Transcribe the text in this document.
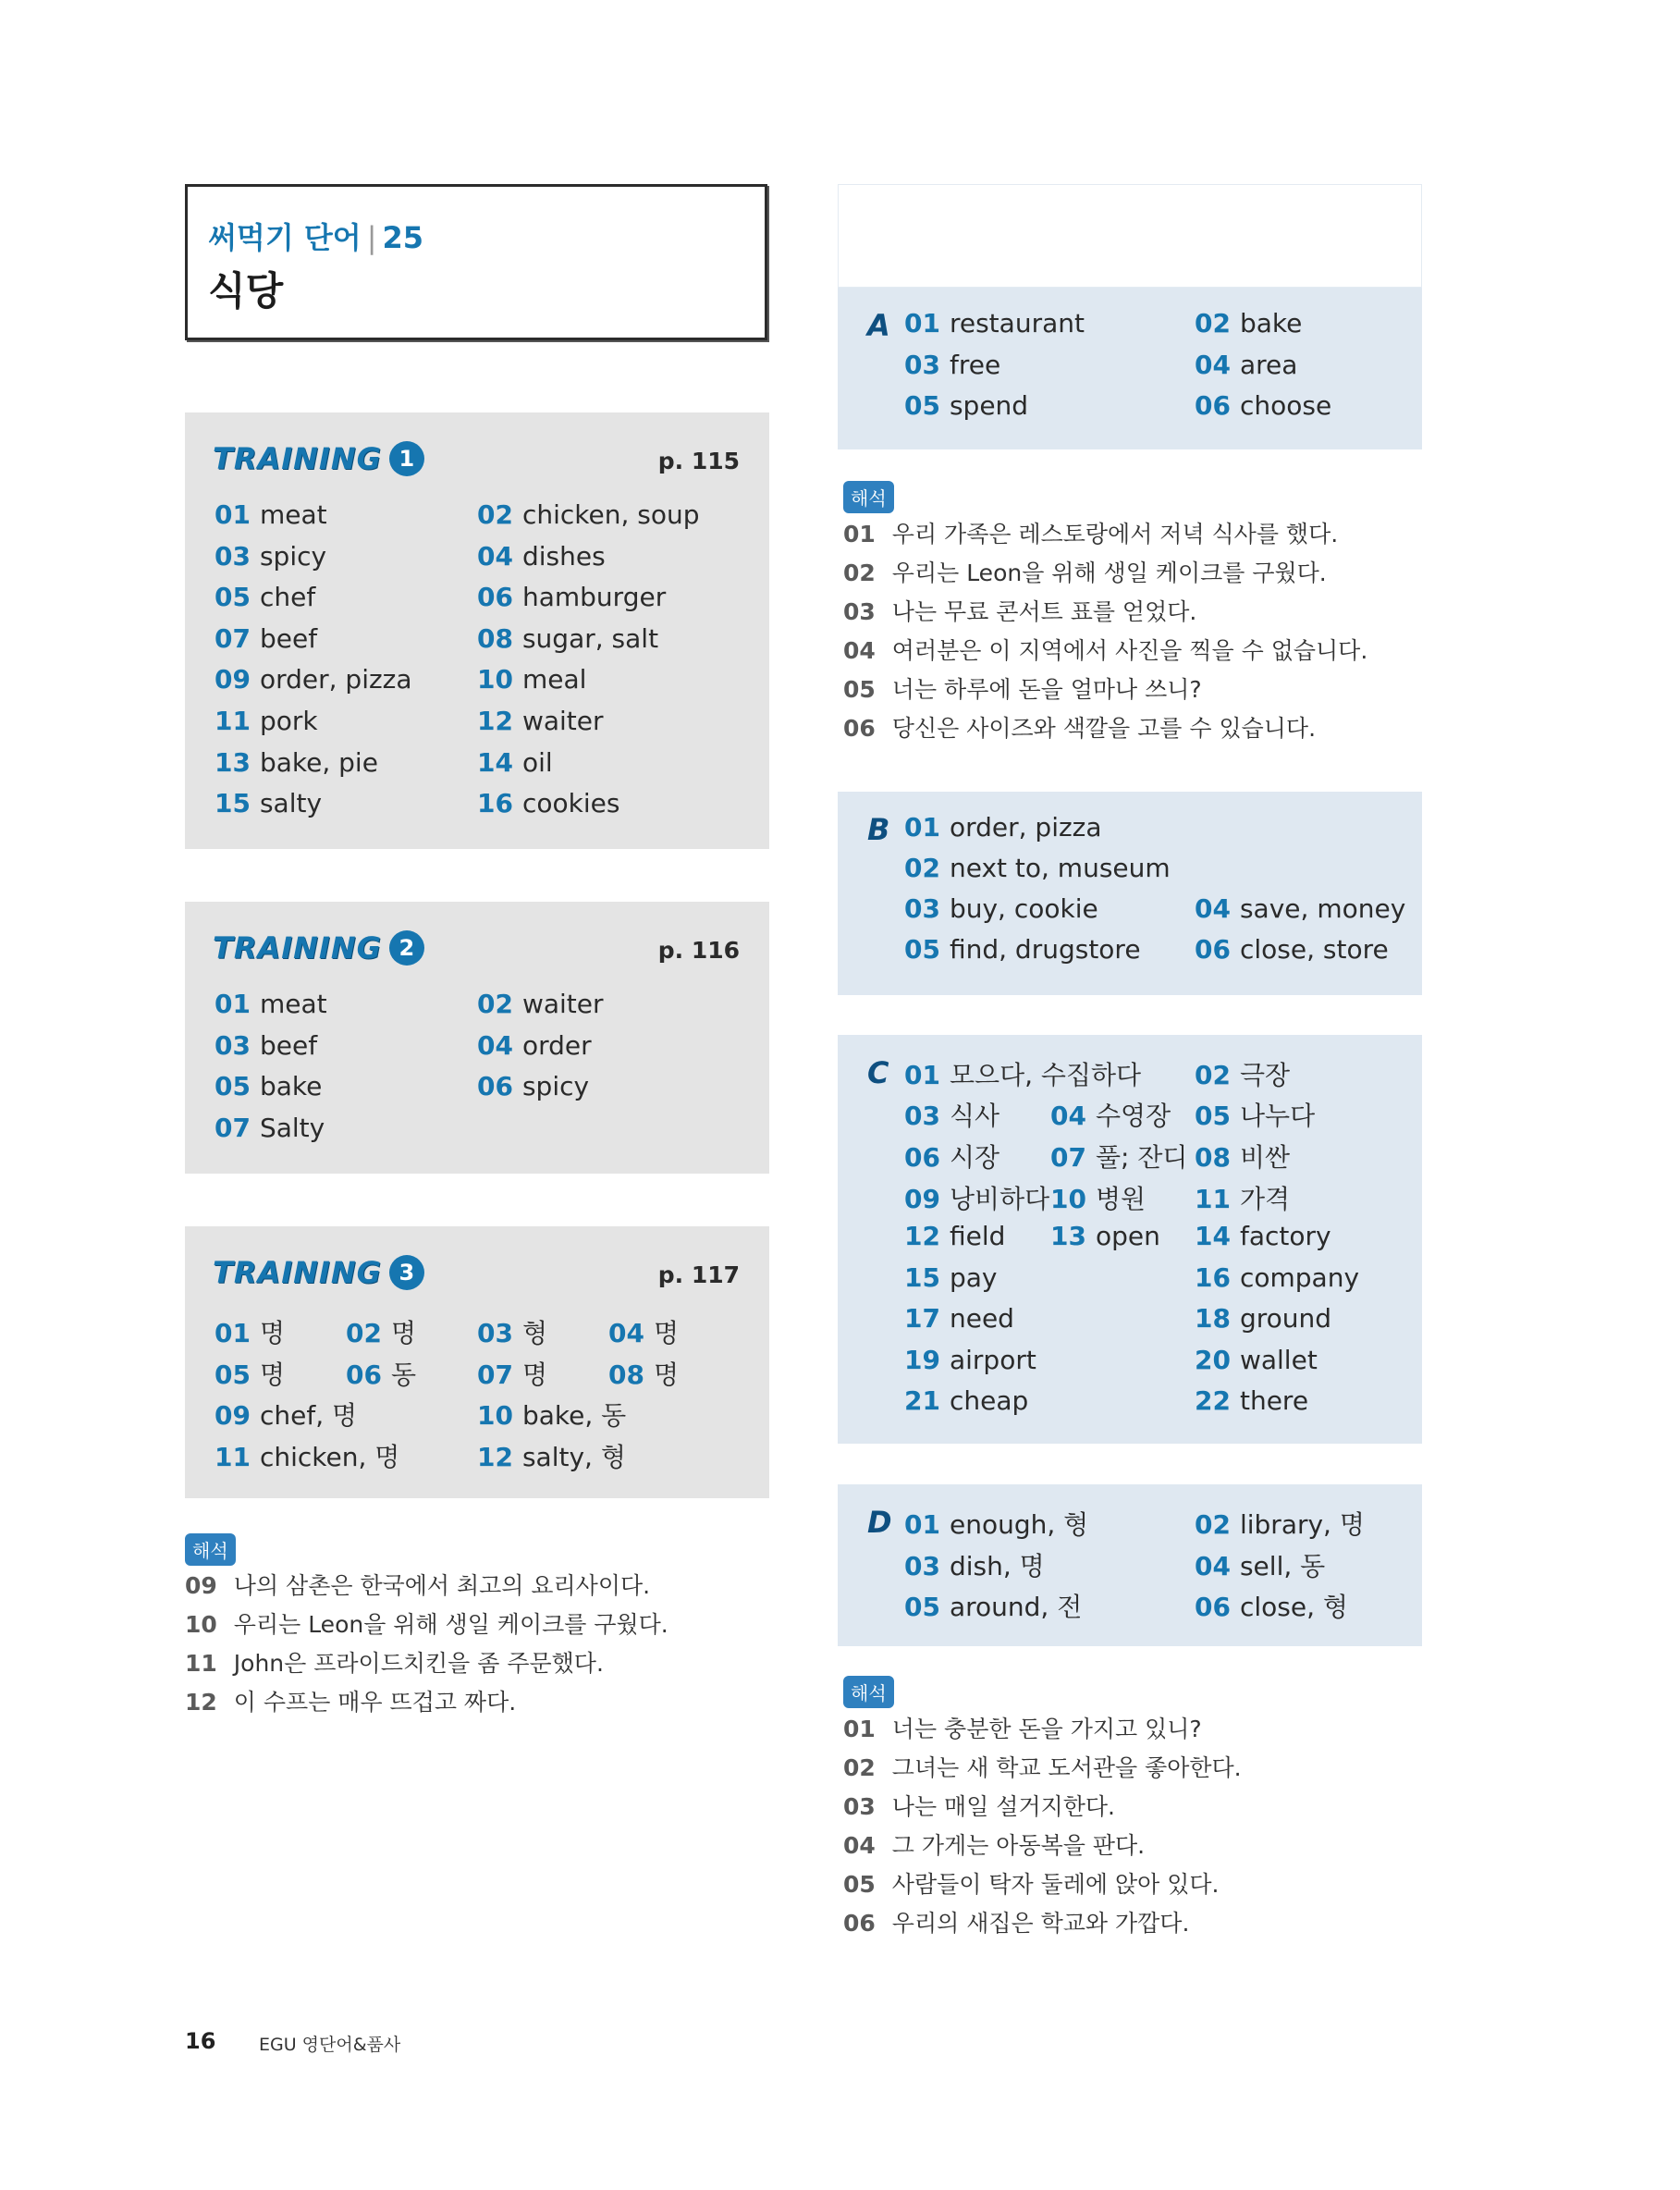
써먹기 단어 | 25
식당
TRAINING 1	p. 115
01 meat	02 chicken, soup
03 spicy	04 dishes
05 chef	06 hamburger
07 beef	08 sugar, salt
09 order, pizza	10 meal
11 pork	12 waiter
13 bake, pie	14 oil
15 salty	16 cookies
TRAINING 2	p. 116
01 meat	02 waiter
03 beef	04 order
05 bake	06 spicy
07 Salty
TRAINING 3	p. 117
01 명 02 명 03 형 04 명
05 명 06 동 07 명 08 명
09 chef, 명	10 bake, 동
11 chicken, 명	12 salty, 형
해석
09 나의 삼촌은 한국에서 최고의 요리사이다.
10 우리는 Leon을 위해 생일 케이크를 구웠다.
11 John은 프라이드치킨을 좀 주문했다.
12 이 수프는 매우 뜨겁고 짜다.
A 01 restaurant	02 bake
03 free	04 area
05 spend	06 choose
해석
01 우리 가족은 레스토랑에서 저녁 식사를 했다.
02 우리는 Leon을 위해 생일 케이크를 구웠다.
03 나는 무료 콘서트 표를 얻었다.
04 여러분은 이 지역에서 사진을 찍을 수 없습니다.
05 너는 하루에 돈을 얼마나 쓰니?
06 당신은 사이즈와 색깔을 고를 수 있습니다.
B 01 order, pizza
02 next to, museum
03 buy, cookie	04 save, money
05 find, drugstore 06 close, store
C 01 모으다, 수집하다 02 극장
03 식사 04 수영장 05 나누다
06 시장 07 풀; 잔디 08 비싼
09 낭비하다 10 병원 11 가격
12 field 13 open 14 factory
15 pay	16 company
17 need	18 ground
19 airport	20 wallet
21 cheap	22 there
D 01 enough, 형	02 library, 명
03 dish, 명	04 sell, 동
05 around, 전	06 close, 형
해석
01 너는 충분한 돈을 가지고 있니?
02 그녀는 새 학교 도서관을 좋아한다.
03 나는 매일 설거지한다.
04 그 가게는 아동복을 판다.
05 사람들이 탁자 둘레에 앉아 있다.
06 우리의 새집은 학교와 가깝다.
16 EGU 영단어&품사
